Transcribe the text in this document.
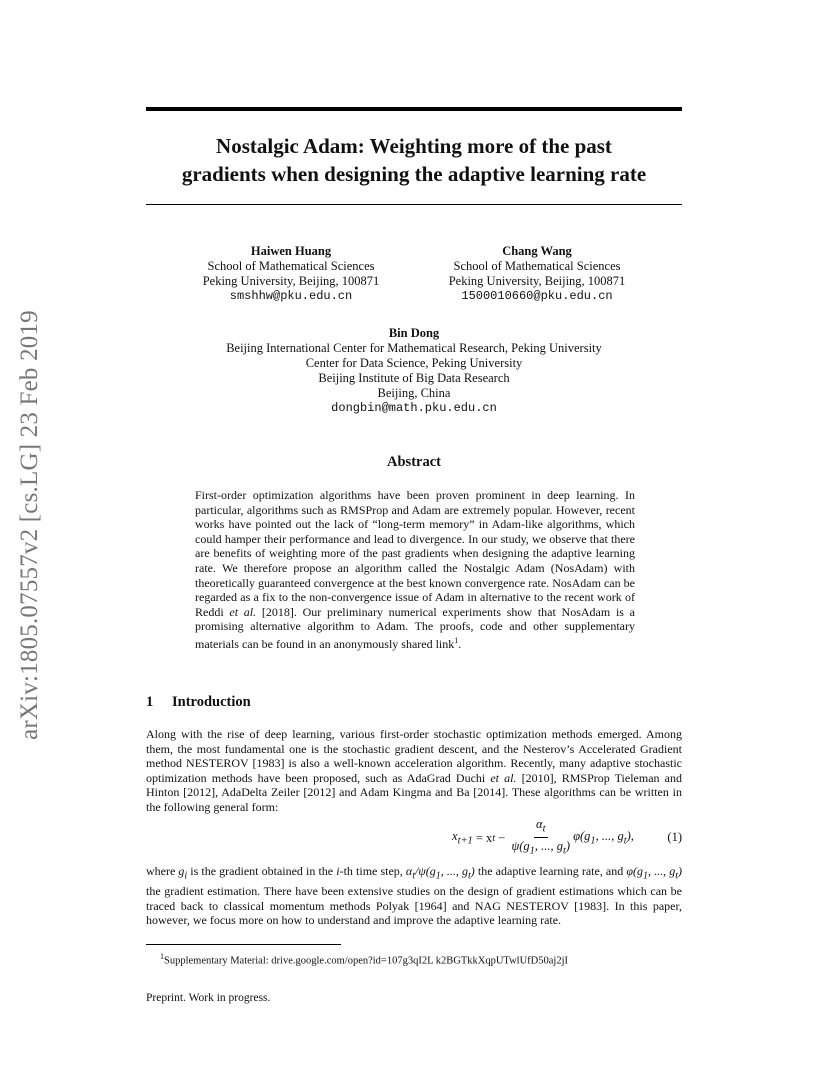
arXiv:1805.07557v2 [cs.LG] 23 Feb 2019
Nostalgic Adam: Weighting more of the past
gradients when designing the adaptive learning rate
Haiwen Huang
School of Mathematical Sciences
Peking University, Beijing, 100871
smshhw@pku.edu.cn
Chang Wang
School of Mathematical Sciences
Peking University, Beijing, 100871
1500010660@pku.edu.cn
Bin Dong
Beijing International Center for Mathematical Research, Peking University
Center for Data Science, Peking University
Beijing Institute of Big Data Research
Beijing, China
dongbin@math.pku.edu.cn
Abstract
First-order optimization algorithms have been proven prominent in deep learning. In particular, algorithms such as RMSProp and Adam are extremely popular. However, recent works have pointed out the lack of “long-term memory” in Adam-like algorithms, which could hamper their performance and lead to divergence. In our study, we observe that there are benefits of weighting more of the past gradients when designing the adaptive learning rate. We therefore propose an algorithm called the Nostalgic Adam (NosAdam) with theoretically guaranteed convergence at the best known convergence rate. NosAdam can be regarded as a fix to the non-convergence issue of Adam in alternative to the recent work of Reddi et al. [2018]. Our preliminary numerical experiments show that NosAdam is a promising alternative algorithm to Adam. The proofs, code and other supplementary materials can be found in an anonymously shared link$^1$.
1 Introduction
Along with the rise of deep learning, various first-order stochastic optimization methods emerged. Among them, the most fundamental one is the stochastic gradient descent, and the Nesterov’s Accelerated Gradient method NESTEROV [1983] is also a well-known acceleration algorithm. Recently, many adaptive stochastic optimization methods have been proposed, such as AdaGrad Duchi et al. [2010], RMSProp Tieleman and Hinton [2012], AdaDelta Zeiler [2012] and Adam Kingma and Ba [2014]. These algorithms can be written in the following general form:
$x_{t+1} = x$ $t - \frac{\alpha_t}{\psi(g_1, ..., g_t)} \varphi(g_1$, ..., $g_t$),	(1)
where $g_i$ is the gradient obtained in the i-th time step, $\alpha_t/\psi(g_1$, ..., $g_t$) the adaptive learning rate, and $\varphi(g_1$, ..., $g_t$) the gradient estimation. There have been extensive studies on the design of gradient estimations which can be traced back to classical momentum methods Polyak [1964] and NAG NESTEROV [1983]. In this paper, however, we focus more on how to understand and improve the adaptive learning rate.
$^1$Supplementary Material: drive.google.com/open?id=107g3qI2L k2BGTkkXqpUTwlUfD50aj2jI
Preprint. Work in progress.
